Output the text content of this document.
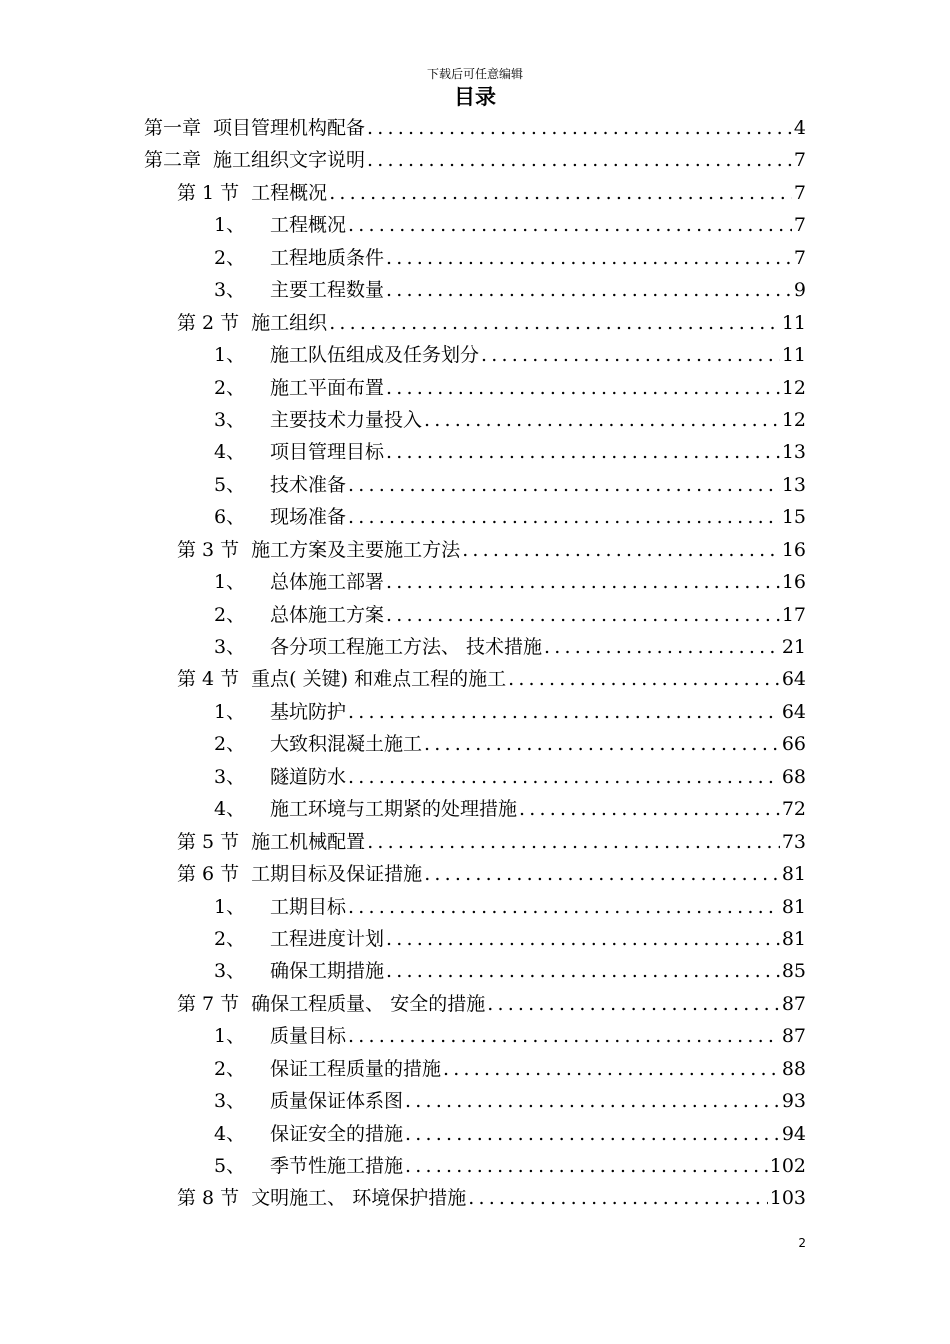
下载后可任意编辑
目录
第一章 项目管理机构配备 .....	4
第二章 施工组织文字说明 .....	7
第 1 节 工程概况 .....	7
1、	工程概况 .....	7
2、	工程地质条件 .....	7
3、	主要工程数量 .....	9
第 2 节 施工组织 .....	11
1、	施工队伍组成及任务划分 .....	11
2、	施工平面布置 .....	12
3、	主要技术力量投入 .....	12
4、	项目管理目标 .....	13
5、	技术准备 .....	13
6、	现场准备 .....	15
第 3 节 施工方案及主要施工方法 .....	16
1、	总体施工部署 .....	16
2、	总体施工方案 .....	17
3、	各分项工程施工方法、 技术措施 .....	21
第 4 节 重点( 关键) 和难点工程的施工 .....	64
1、	基坑防护 .....	64
2、	大致积混凝土施工 .....	66
3、	隧道防水 .....	68
4、	施工环境与工期紧的处理措施 .....	72
第 5 节 施工机械配置 .....	73
第 6 节 工期目标及保证措施 .....	81
1、	工期目标 .....	81
2、	工程进度计划 .....	81
3、	确保工期措施 .....	85
第 7 节 确保工程质量、 安全的措施 .....	87
1、	质量目标 .....	87
2、	保证工程质量的措施 .....	88
3、	质量保证体系图 .....	93
4、	保证安全的措施 .....	94
5、	季节性施工措施 .....	102
第 8 节 文明施工、 环境保护措施 .....	103
2
